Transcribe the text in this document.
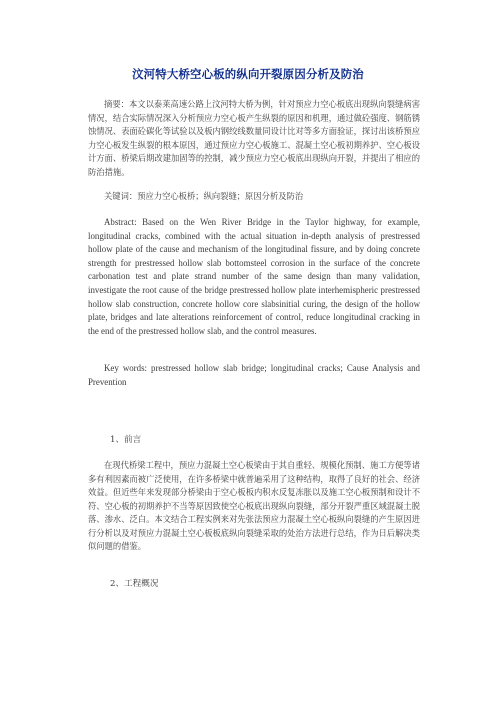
汶河特大桥空心板的纵向开裂原因分析及防治
摘要：本文以泰莱高速公路上汶河特大桥为例，针对预应力空心板底出现纵向裂缝病害情况，结合实际情况深入分析预应力空心板产生纵裂的原因和机理，通过做砼强度、钢筋锈蚀情况、表面砼碳化等试验以及板内钢绞线数量同设计比对等多方面验证，探讨出该桥预应力空心板发生纵裂的根本原因，通过预应力空心板施工、混凝土空心板初期养护、空心板设计方面、桥梁后期改建加固等的控制，减少预应力空心板底出现纵向开裂，并提出了相应的防治措施。
关键词：预应力空心板桥；纵向裂缝；原因分析及防治
Abstract: Based on the Wen River Bridge in the Taylor highway, for example, longitudinal cracks, combined with the actual situation in-depth analysis of prestressed hollow plate of the cause and mechanism of the longitudinal fissure, and by doing concrete strength for prestressed hollow slab bottomsteel corrosion in the surface of the concrete carbonation test and plate strand number of the same design than many validation, investigate the root cause of the bridge prestressed hollow plate interhemispheric prestressed hollow slab construction, concrete hollow core slabsinitial curing, the design of the hollow plate, bridges and late alterations reinforcement of control, reduce longitudinal cracking in the end of the prestressed hollow slab, and the control measures.
Key words: prestressed hollow slab bridge; longitudinal cracks; Cause Analysis and Prevention
1、前言
在现代桥梁工程中，预应力混凝土空心板梁由于其自重轻、规模化预制、施工方便等诸多有利因素而被广泛使用，在许多桥梁中就普遍采用了这种结构，取得了良好的社会、经济效益。但近些年来发现部分桥梁由于空心板板内积水反复冻胀以及施工空心板预制和设计不符、空心板的初期养护不当等原因致使空心板底出现纵向裂缝，部分开裂严重区域混凝土脱落、渗水、泛白。本文结合工程实例来对先张法预应力混凝土空心板纵向裂缝的产生原因进行分析以及对预应力混凝土空心板板底纵向裂缝采取的处治方法进行总结，作为日后解决类似问题的借鉴。
2、工程概况
